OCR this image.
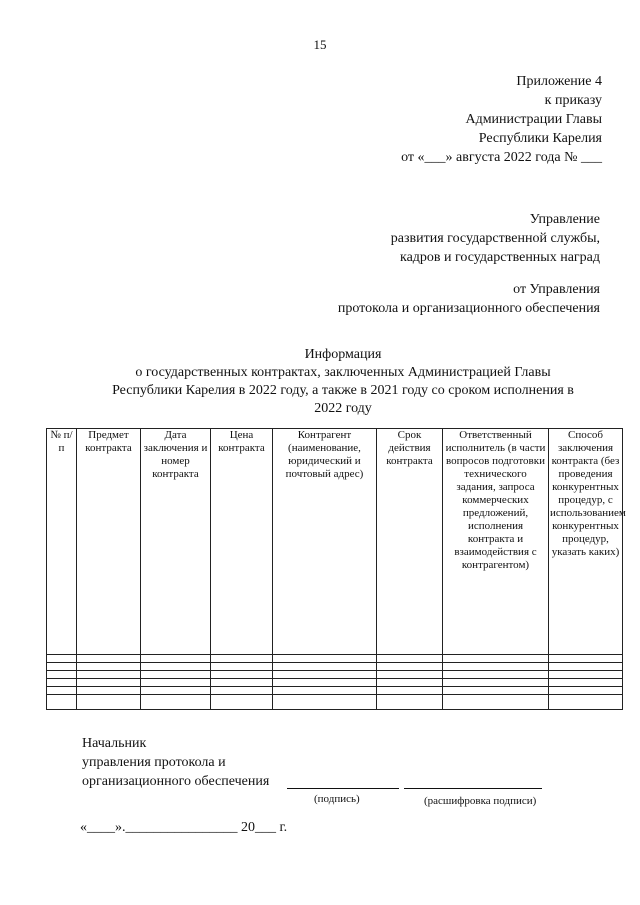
15
Приложение 4
к приказу
Администрации Главы
Республики Карелия
от «___» августа 2022 года № ___
Управление
развития государственной службы,
кадров и государственных наград
от Управления
протокола и организационного обеспечения
Информация
о государственных контрактах, заключенных Администрацией Главы
Республики Карелия в 2022 году, а также в 2021 году со сроком исполнения в
2022 году
№ п/п	Предмет контракта	Дата заключения и номер контракта	Цена контракта	Контрагент (наименование, юридический и почтовый адрес)	Срок действия контракта	Ответственный исполнитель (в части вопросов подготовки технического задания, запроса коммерческих предложений, исполнения контракта и взаимодействия с контрагентом)	Способ заключения контракта (без проведения конкурентных процедур, с использованием конкурентных процедур, указать каких)

Начальник
управления протокола и
организационного обеспечения
(подпись)	(расшифровка подписи)
«____».________________ 20___ г.
